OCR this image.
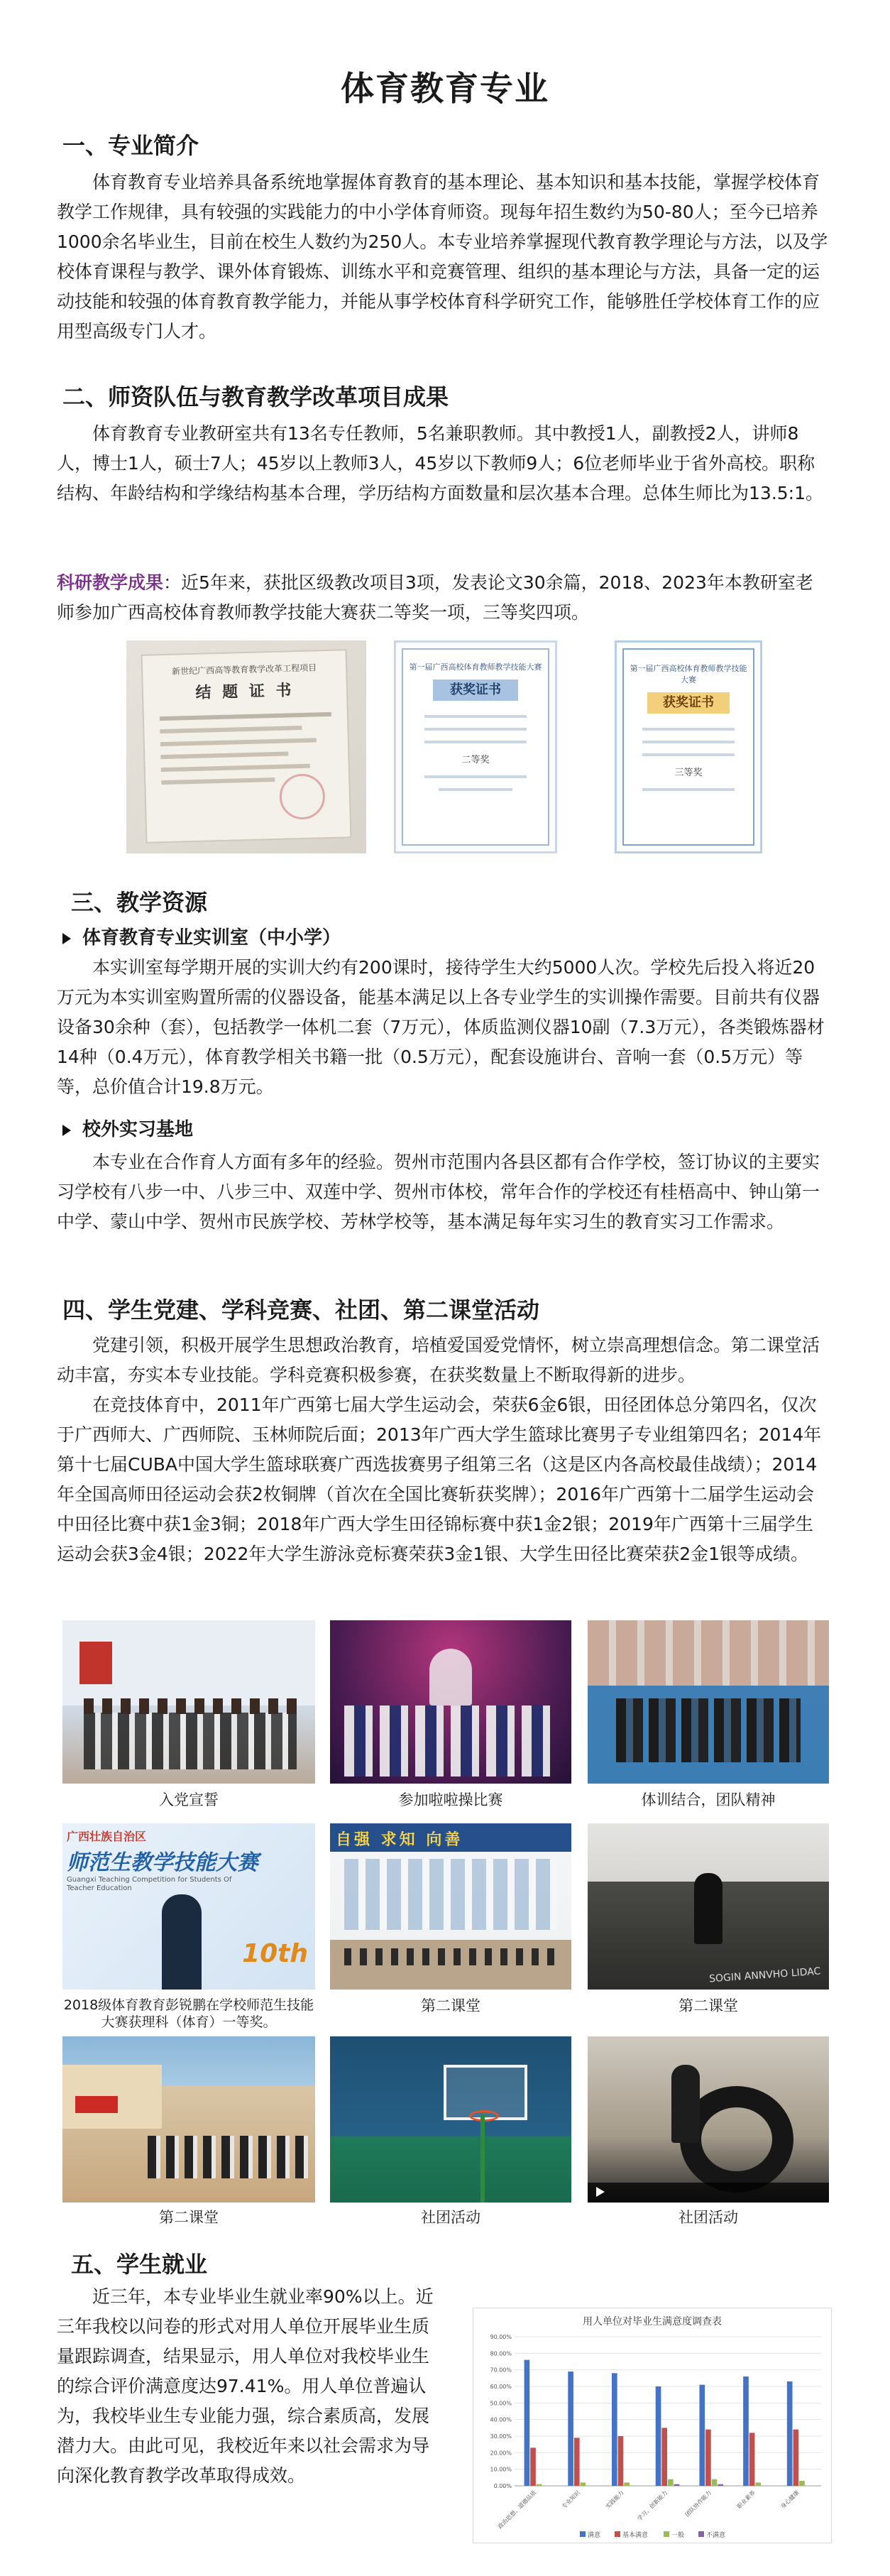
体育教育专业
一、专业简介

体育教育专业培养具备系统地掌握体育教育的基本理论、基本知识和基本技能，掌握学校体育教学工作规律，具有较强的实践能力的中小学体育师资。现每年招生数约为50-80人；至今已培养1000余名毕业生，目前在校生人数约为250人。本专业培养掌握现代教育教学理论与方法，以及学校体育课程与教学、课外体育锻炼、训练水平和竞赛管理、组织的基本理论与方法，具备一定的运动技能和较强的体育教育教学能力，并能从事学校体育科学研究工作，能够胜任学校体育工作的应用型高级专门人才。

二、师资队伍与教育教学改革项目成果

体育教育专业教研室共有13名专任教师，5名兼职教师。其中教授1人，副教授2人，讲师8人，博士1人，硕士7人；45岁以上教师3人，45岁以下教师9人；6位老师毕业于省外高校。职称结构、年龄结构和学缘结构基本合理，学历结构方面数量和层次基本合理。总体生师比为13.5:1。

科研教学成果：近5年来，获批区级教改项目3项，发表论文30余篇，2018、2023年本教研室老师参加广西高校体育教师教学技能大赛获二等奖一项，三等奖四项。

新世纪广西高等教育教学改革工程项目
结 题 证 书
第一届广西高校体育教师教学技能大赛
获奖证书
二等奖
第一届广西高校体育教师教学技能大赛
获奖证书
三等奖
三、教学资源
体育教育专业实训室（中小学）

本实训室每学期开展的实训大约有200课时，接待学生大约5000人次。学校先后投入将近20万元为本实训室购置所需的仪器设备，能基本满足以上各专业学生的实训操作需要。目前共有仪器设备30余种（套），包括教学一体机二套（7万元），体质监测仪器10副（7.3万元），各类锻炼器材14种（0.4万元），体育教学相关书籍一批（0.5万元），配套设施讲台、音响一套（0.5万元）等等，总价值合计19.8万元。

校外实习基地

本专业在合作育人方面有多年的经验。贺州市范围内各县区都有合作学校，签订协议的主要实习学校有八步一中、八步三中、双莲中学、贺州市体校，常年合作的学校还有桂梧高中、钟山第一中学、蒙山中学、贺州市民族学校、芳林学校等，基本满足每年实习生的教育实习工作需求。

四、学生党建、学科竞赛、社团、第二课堂活动

党建引领，积极开展学生思想政治教育，培植爱国爱党情怀，树立崇高理想信念。第二课堂活动丰富，夯实本专业技能。学科竞赛积极参赛，在获奖数量上不断取得新的进步。

在竞技体育中，2011年广西第七届大学生运动会，荣获6金6银，田径团体总分第四名，仅次于广西师大、广西师院、玉林师院后面；2013年广西大学生篮球比赛男子专业组第四名；2014年第十七届CUBA中国大学生篮球联赛广西选拔赛男子组第三名（这是区内各高校最佳战绩）；2014年全国高师田径运动会获2枚铜牌（首次在全国比赛斩获奖牌）；2016年广西第十二届学生运动会中田径比赛中获1金3铜；2018年广西大学生田径锦标赛中获1金2银；2019年广西第十三届学生运动会获3金4银；2022年大学生游泳竞标赛荣获3金1银、大学生田径比赛荣获2金1银等成绩。

入党宣誓	参加啦啦操比赛	体训结合，团队精神
广西壮族自治区
师范生教学技能大赛
Guangxi Teaching Competition for Students Of Teacher Education
10th
2018级体育教育彭锐鹏在学校师范生技能大赛获理科（体育）一等奖。
自强 求知 向善
第二课堂
SOGIN ANNVHO LIDAC
第二课堂
第二课堂	社团活动	社团活动
五、学生就业

近三年，本专业毕业生就业率90%以上。近三年我校以问卷的形式对用人单位开展毕业生质量跟踪调查，结果显示，用人单位对我校毕业生的综合评价满意度达97.41%。用人单位普遍认为，我校毕业生专业能力强，综合素质高，发展潜力大。由此可见，我校近年来以社会需求为导向深化教育教学改革取得成效。

用人单位对毕业生满意度调查表
0.00%
10.00%
20.00%
30.00%
40.00%
50.00%
60.00%
70.00%
80.00%
90.00%
政治思想、道德品质	专业知识	实践能力 学习、创新能力	团队协作能力	职业素养	身心健康
满意	基本满意	一般	不满意
